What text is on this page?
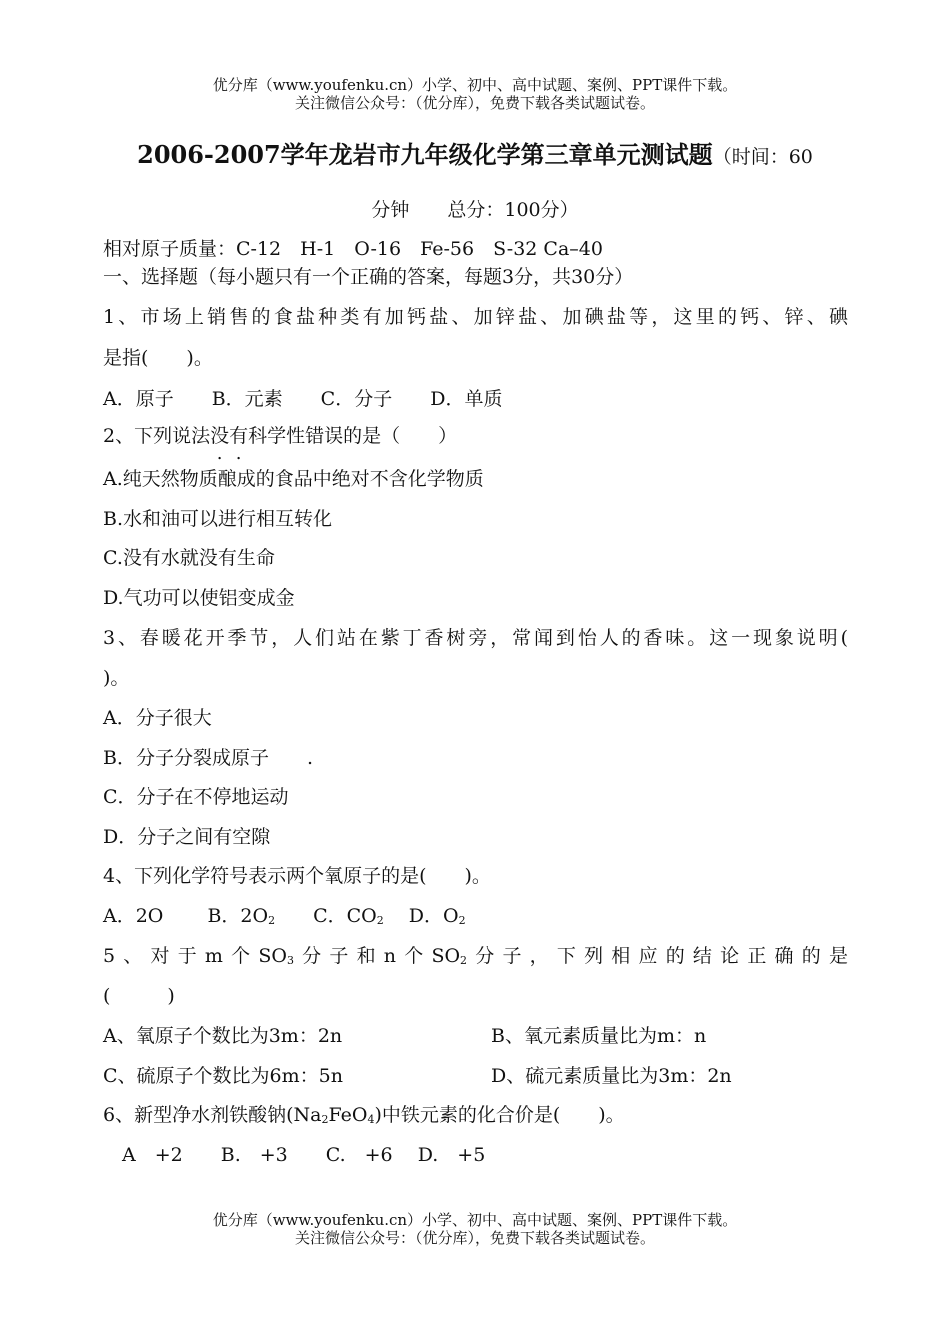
优分库（www.youfenku.cn）小学、初中、高中试题、案例、PPT课件下载。
关注微信公众号：（优分库），免费下载各类试题试卷。
2006-2007学年龙岩市九年级化学第三章单元测试题（时间：60
分钟　　总分：100分）
相对原子质量：C-12　H-1　O-16　Fe-56　S-32 Ca–40
一、选择题（每小题只有一个正确的答案，每题3分，共30分）
1、市场上销售的食盐种类有加钙盐、加锌盐、加碘盐等，这里的钙、锌、碘
是指(　　)。
A．原子　　B．元素　　C．分子　　D．单质
2、下列说法没有科学性错误的是（　　）
A.纯天然物质酿成的食品中绝对不含化学物质
B.水和油可以进行相互转化
C.没有水就没有生命
D.气功可以使铝变成金
3、春暖花开季节，人们站在紫丁香树旁，常闻到怡人的香味。这一现象说明(
)。
A．分子很大
B．分子分裂成原子　　.
C．分子在不停地运动
D．分子之间有空隙
4、下列化学符号表示两个氧原子的是(　　)。
A．2O　　 B．$2O_2$　　 C．$CO_2$　 D．$O_2$
5、对于m个$SO_3$分子和n个$SO_2$分子，下列相应的结论正确的是
(　　　)
A、氧原子个数比为3m：2n	B、氧元素质量比为m：n
C、硫原子个数比为6m：5n	D、硫元素质量比为3m：2n
6、新型净水剂铁酸钠$(Na_2FeO_4)$中铁元素的化合价是(　　)。
　A　+2　　B.　+3　　C.　+6　 D.　+5
优分库（www.youfenku.cn）小学、初中、高中试题、案例、PPT课件下载。
关注微信公众号：（优分库），免费下载各类试题试卷。
